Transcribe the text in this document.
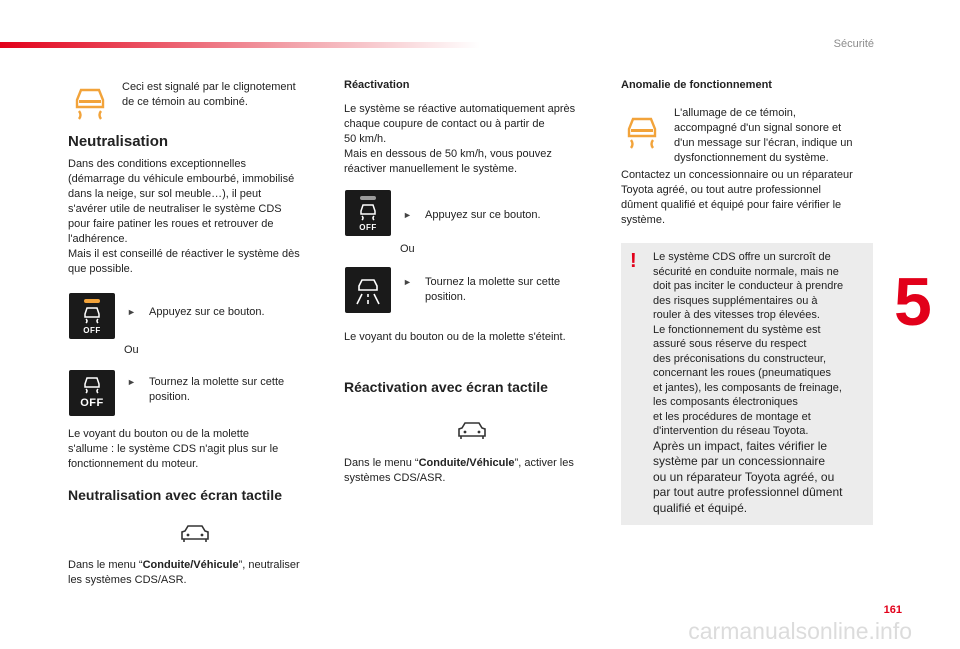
Sécurité
5

Ceci est signalé par le clignotement
de ce témoin au combiné.

Neutralisation

Dans des conditions exceptionnelles
(démarrage du véhicule embourbé, immobilisé
dans la neige, sur sol meuble…), il peut
s'avérer utile de neutraliser le système CDS
pour faire patiner les roues et retrouver de
l'adhérence.
Mais il est conseillé de réactiver le système dès
que possible.

OFF
► Appuyez sur ce bouton.

Ou

OFF
► Tournez la molette sur cette
position.

Le voyant du bouton ou de la molette
s'allume : le système CDS n'agit plus sur le
fonctionnement du moteur.

Neutralisation avec écran tactile

Dans le menu “Conduite/Véhicule”, neutraliser
les systèmes CDS/ASR.

Réactivation

Le système se réactive automatiquement après
chaque coupure de contact ou à partir de
50 km/h.
Mais en dessous de 50 km/h, vous pouvez
réactiver manuellement le système.

OFF
► Appuyez sur ce bouton.

Ou

► Tournez la molette sur cette
position.

Le voyant du bouton ou de la molette s'éteint.

Réactivation avec écran tactile

Dans le menu “Conduite/Véhicule”, activer les
systèmes CDS/ASR.

Anomalie de fonctionnement

L'allumage de ce témoin,
accompagné d'un signal sonore et
d'un message sur l'écran, indique un
dysfonctionnement du système.

Contactez un concessionnaire ou un réparateur
Toyota agréé, ou tout autre professionnel
dûment qualifié et équipé pour faire vérifier le
système.

! Le système CDS offre un surcroît de
sécurité en conduite normale, mais ne
doit pas inciter le conducteur à prendre
des risques supplémentaires ou à
rouler à des vitesses trop élevées.
Le fonctionnement du système est
assuré sous réserve du respect
des préconisations du constructeur,
concernant les roues (pneumatiques
et jantes), les composants de freinage,
les composants électroniques
et les procédures de montage et
d'intervention du réseau Toyota.
Après un impact, faites vérifier le
système par un concessionnaire
ou un réparateur Toyota agréé, ou
par tout autre professionnel dûment
qualifié et équipé.
161
carmanualsonline.info
